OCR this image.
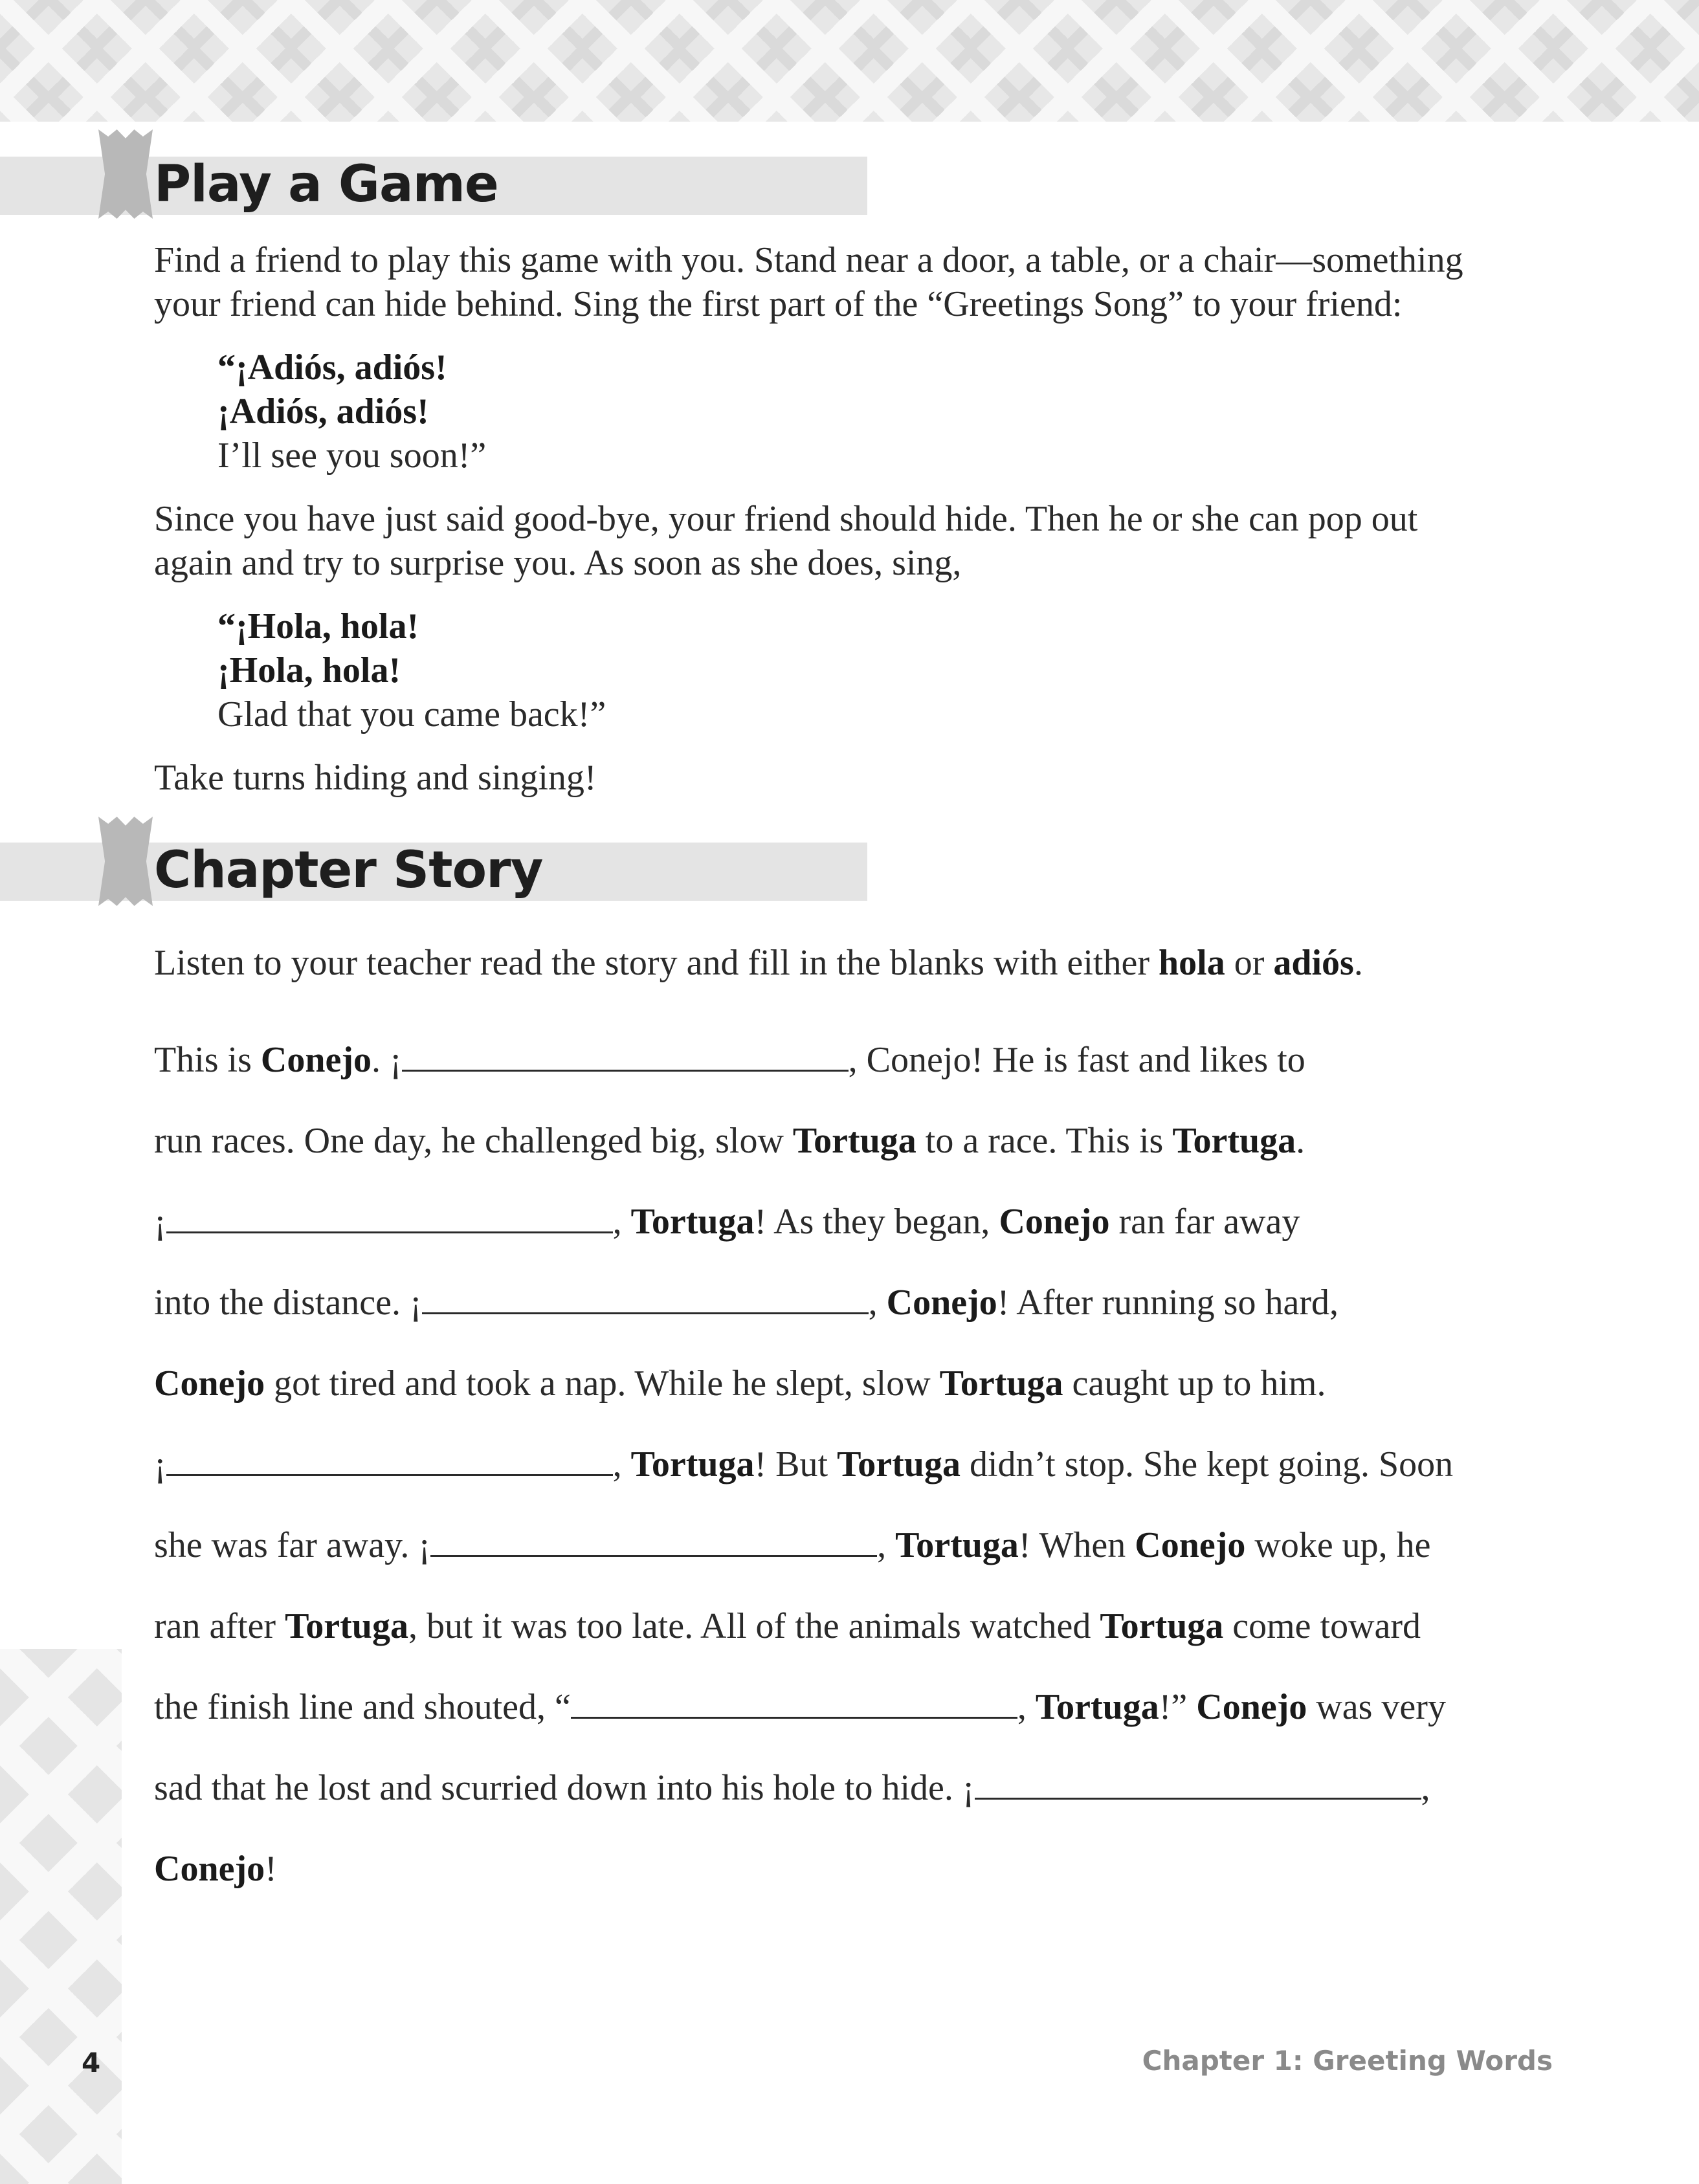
Play a Game
Find a friend to play this game with you. Stand near a door, a table, or a chair—something
your friend can hide behind. Sing the first part of the “Greetings Song” to your friend:
“¡Adiós, adiós!
¡Adiós, adiós!
I’ll see you soon!”
Since you have just said good-bye, your friend should hide. Then he or she can pop out
again and try to surprise you. As soon as she does, sing,
“¡Hola, hola!
¡Hola, hola!
Glad that you came back!”
Take turns hiding and singing!
Chapter Story
Listen to your teacher read the story and fill in the blanks with either hola or adiós.
This is Conejo. ¡	, Conejo! He is fast and likes to
run races. One day, he challenged big, slow Tortuga to a race. This is Tortuga.
¡	, Tortuga! As they began, Conejo ran far away
into the distance. ¡	, Conejo! After running so hard,
Conejo got tired and took a nap. While he slept, slow Tortuga caught up to him.
¡	, Tortuga! But Tortuga didn’t stop. She kept going. Soon
she was far away. ¡	, Tortuga! When Conejo woke up, he
ran after Tortuga, but it was too late. All of the animals watched Tortuga come toward
the finish line and shouted, “	, Tortuga!” Conejo was very
sad that he lost and scurried down into his hole to hide. ¡	,
Conejo!
4	Chapter 1: Greeting Words
